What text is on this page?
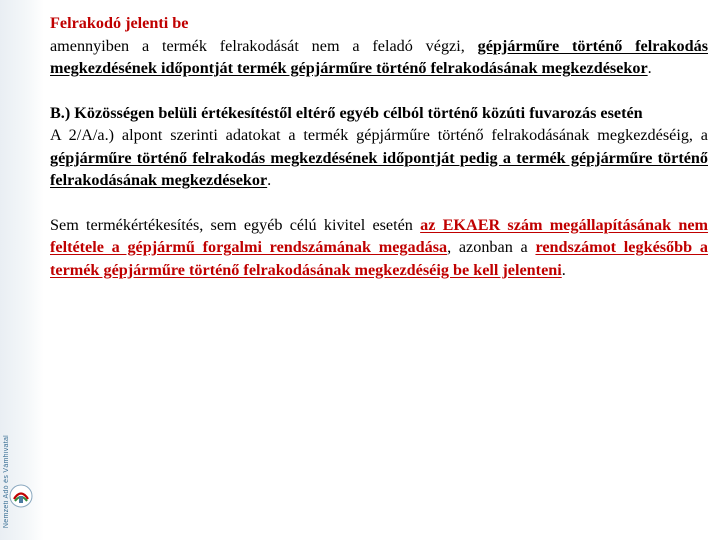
Nemzeti Adó és Vámhivatal

Felrakodó jelenti be
amennyiben a termék felrakodását nem a feladó végzi, gépjárműre történő felrakodás megkezdésének időpontját termék gépjárműre történő felrakodásának megkezdésekor.

B.) Közösségen belüli értékesítéstől eltérő egyéb célból történő közúti fuvarozás esetén
A 2/A/a.) alpont szerinti adatokat a termék gépjárműre történő felrakodásának megkezdéséig, a gépjárműre történő felrakodás megkezdésének időpontját pedig a termék gépjárműre történő felrakodásának megkezdésekor.

Sem termékértékesítés, sem egyéb célú kivitel esetén az EKAER szám megállapításának nem feltétele a gépjármű forgalmi rendszámának megadása, azonban a rendszámot legkésőbb a termék gépjárműre történő felrakodásának megkezdéséig be kell jelenteni.
